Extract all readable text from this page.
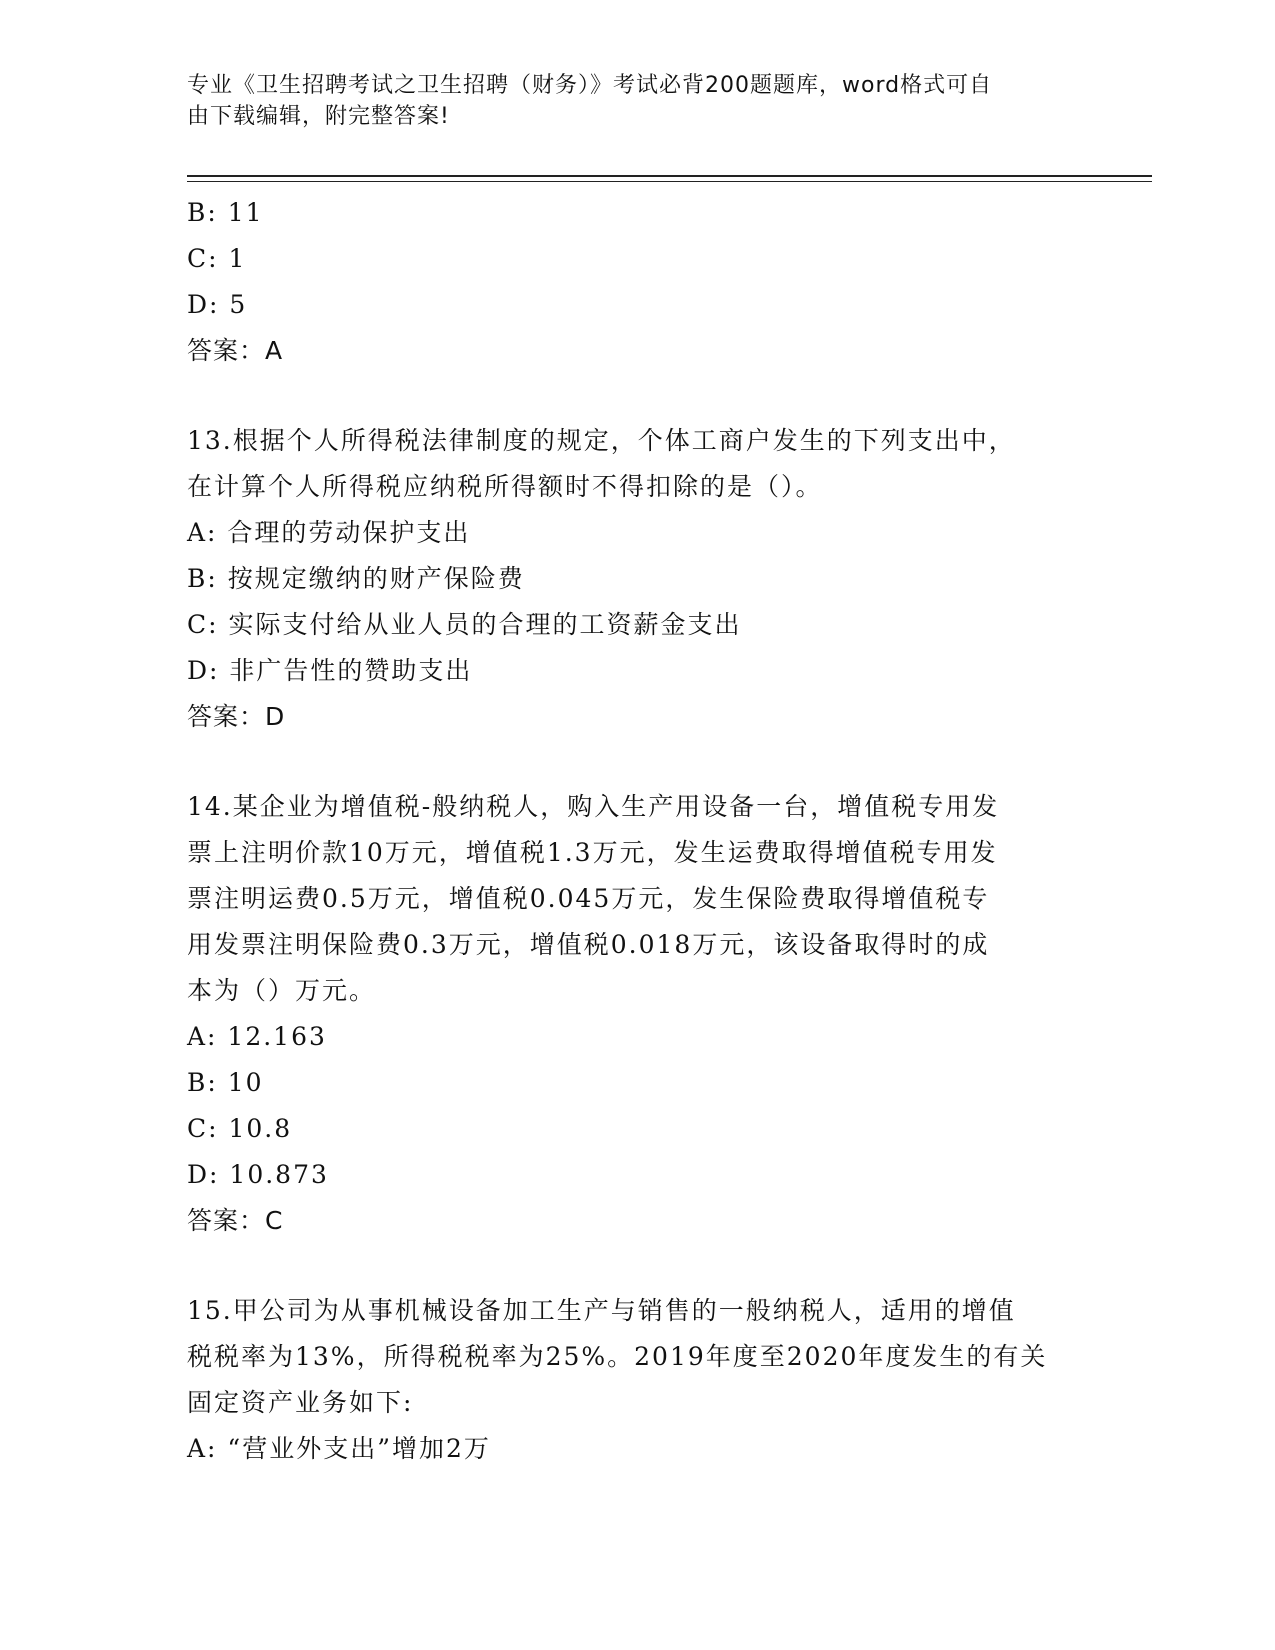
专业《卫生招聘考试之卫生招聘（财务）》考试必背200题题库，word格式可自
由下载编辑，附完整答案!
B: 11
C: 1
D: 5
答案：A
13.根据个人所得税法律制度的规定，个体工商户发生的下列支出中，
在计算个人所得税应纳税所得额时不得扣除的是（）。
A: 合理的劳动保护支出
B: 按规定缴纳的财产保险费
C: 实际支付给从业人员的合理的工资薪金支出
D: 非广告性的赞助支出
答案：D
14.某企业为增值税-般纳税人，购入生产用设备一台，增值税专用发
票上注明价款10万元，增值税1.3万元，发生运费取得增值税专用发
票注明运费0.5万元，增值税0.045万元，发生保险费取得增值税专
用发票注明保险费0.3万元，增值税0.018万元，该设备取得时的成
本为（）万元。
A: 12.163
B: 10
C: 10.8
D: 10.873
答案：C
15.甲公司为从事机械设备加工生产与销售的一般纳税人，适用的增值
税税率为13%，所得税税率为25%。2019年度至2020年度发生的有关
固定资产业务如下:
A: “营业外支出”增加2万
